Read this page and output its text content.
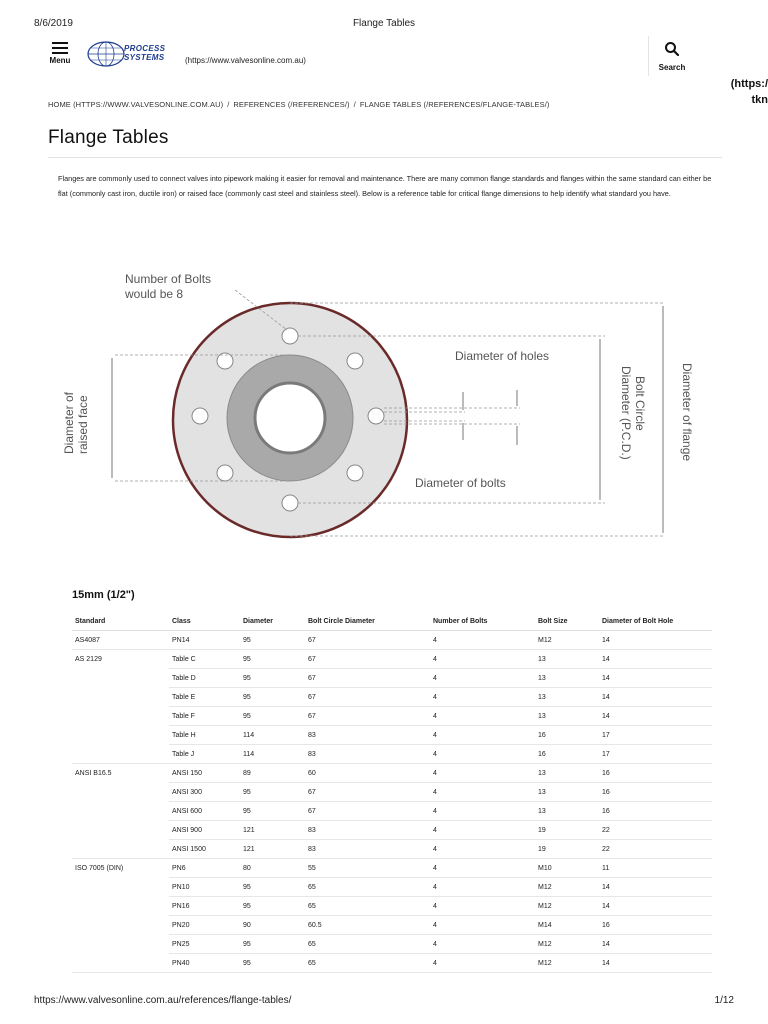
8/6/2019	Flange Tables
Menu
PROCESS
SYSTEMS	(https://www.valvesonline.com.au)
Search
(https:/
tkn
HOME (HTTPS://WWW.VALVESONLINE.COM.AU) / REFERENCES (/REFERENCES/) / FLANGE TABLES (/REFERENCES/FLANGE-TABLES/)
Flange Tables

Flanges are commonly used to connect valves into pipework making it easier for removal and maintenance. There are many common flange standards and flanges within the same standard can either be flat (commonly cast iron, ductile iron) or raised face (commonly cast steel and stainless steel). Below is a reference table for critical flange dimensions to help identify what standard you have.

Number of Bolts
would be 8
Diameter of holes
Diameter of bolts
Diameter of raised face	Bolt Circle
Diameter (P.C.D.)	Diameter of flange
15mm (1/2")
Standard	Class	Diameter	Bolt Circle Diameter	Number of Bolts	Bolt Size	Diameter of Bolt Hole
AS4087	PN14	95	67	4	M12	14
AS 2129	Table C	95	67	4	13	14
	Table D	95	67	4	13	14
	Table E	95	67	4	13	14
	Table F	95	67	4	13	14
	Table H	114	83	4	16	17
	Table J	114	83	4	16	17
ANSI B16.5	ANSI 150	89	60	4	13	16
	ANSI 300	95	67	4	13	16
	ANSI 600	95	67	4	13	16
	ANSI 900	121	83	4	19	22
	ANSI 1500	121	83	4	19	22
ISO 7005 (DIN)	PN6	80	55	4	M10	11
	PN10	95	65	4	M12	14
	PN16	95	65	4	M12	14
	PN20	90	60.5	4	M14	16
	PN25	95	65	4	M12	14
	PN40	95	65	4	M12	14
https://www.valvesonline.com.au/references/flange-tables/	1/12
